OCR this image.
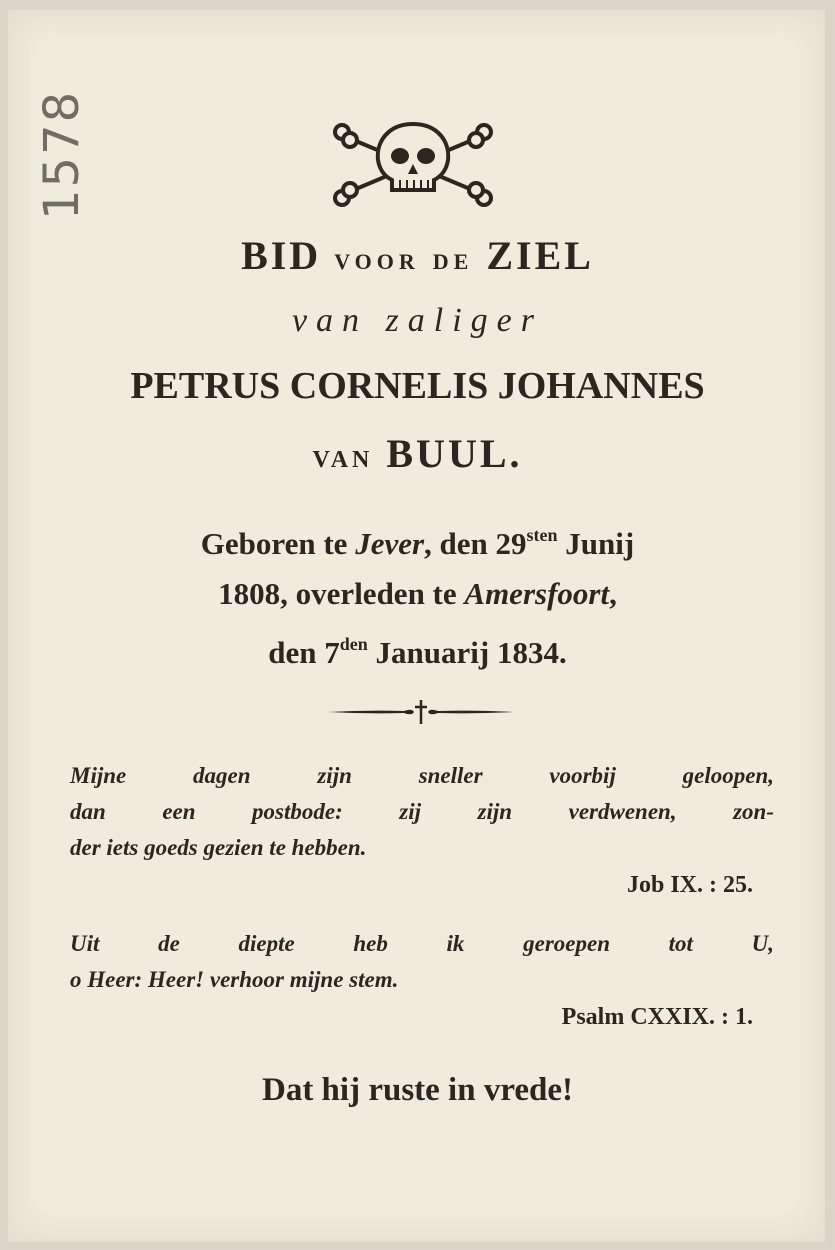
1578
BID VOOR DE ZIEL
van zaliger
PETRUS CORNELIS JOHANNES
VAN BUUL.
Geboren te Jever, den $29^{sten}$ Junij
1808, overleden te Amersfoort,
den $7^{den}$ Januarij 1834.
Mijne dagen zijn sneller voorbij geloopen,
dan een postbode: zij zijn verdwenen, zon-
der iets goeds gezien te hebben.
Job IX. : 25.
Uit de diepte heb ik geroepen tot U,
o Heer: Heer! verhoor mijne stem.
Psalm CXXIX. : 1.
Dat hij ruste in vrede!
